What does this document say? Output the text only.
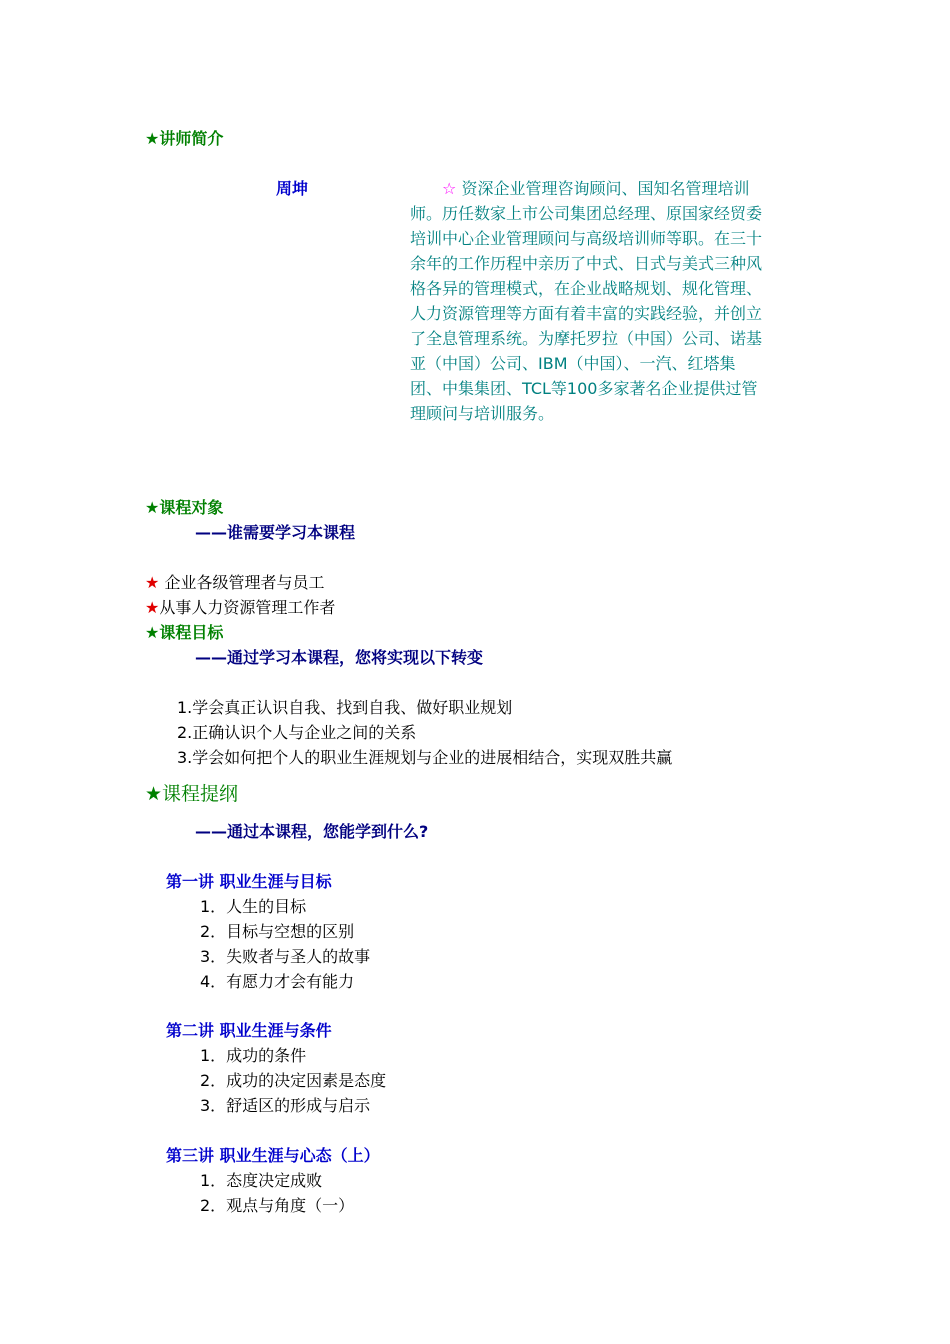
★讲师简介
周坤	☆ 资深企业管理咨询顾问、国知名管理培训
师。历任数家上市公司集团总经理、原国家经贸委
培训中心企业管理顾问与高级培训师等职。在三十
余年的工作历程中亲历了中式、日式与美式三种风
格各异的管理模式，在企业战略规划、规化管理、
人力资源管理等方面有着丰富的实践经验，并创立
了全息管理系统。为摩托罗拉（中国）公司、诺基
亚（中国）公司、IBM（中国）、一汽、红塔集
团、中集集团、TCL等100多家著名企业提供过管
理顾问与培训服务。
★课程对象
——谁需要学习本课程
★ 企业各级管理者与员工
★从事人力资源管理工作者
★课程目标
——通过学习本课程，您将实现以下转变
1.学会真正认识自我、找到自我、做好职业规划
2.正确认识个人与企业之间的关系
3.学会如何把个人的职业生涯规划与企业的进展相结合，实现双胜共赢
★课程提纲
——通过本课程，您能学到什么?
第一讲 职业生涯与目标
1．人生的目标
2．目标与空想的区别
3．失败者与圣人的故事
4．有愿力才会有能力
第二讲 职业生涯与条件
1．成功的条件
2．成功的决定因素是态度
3．舒适区的形成与启示
第三讲 职业生涯与心态（上）
1．态度决定成败
2．观点与角度（一）
